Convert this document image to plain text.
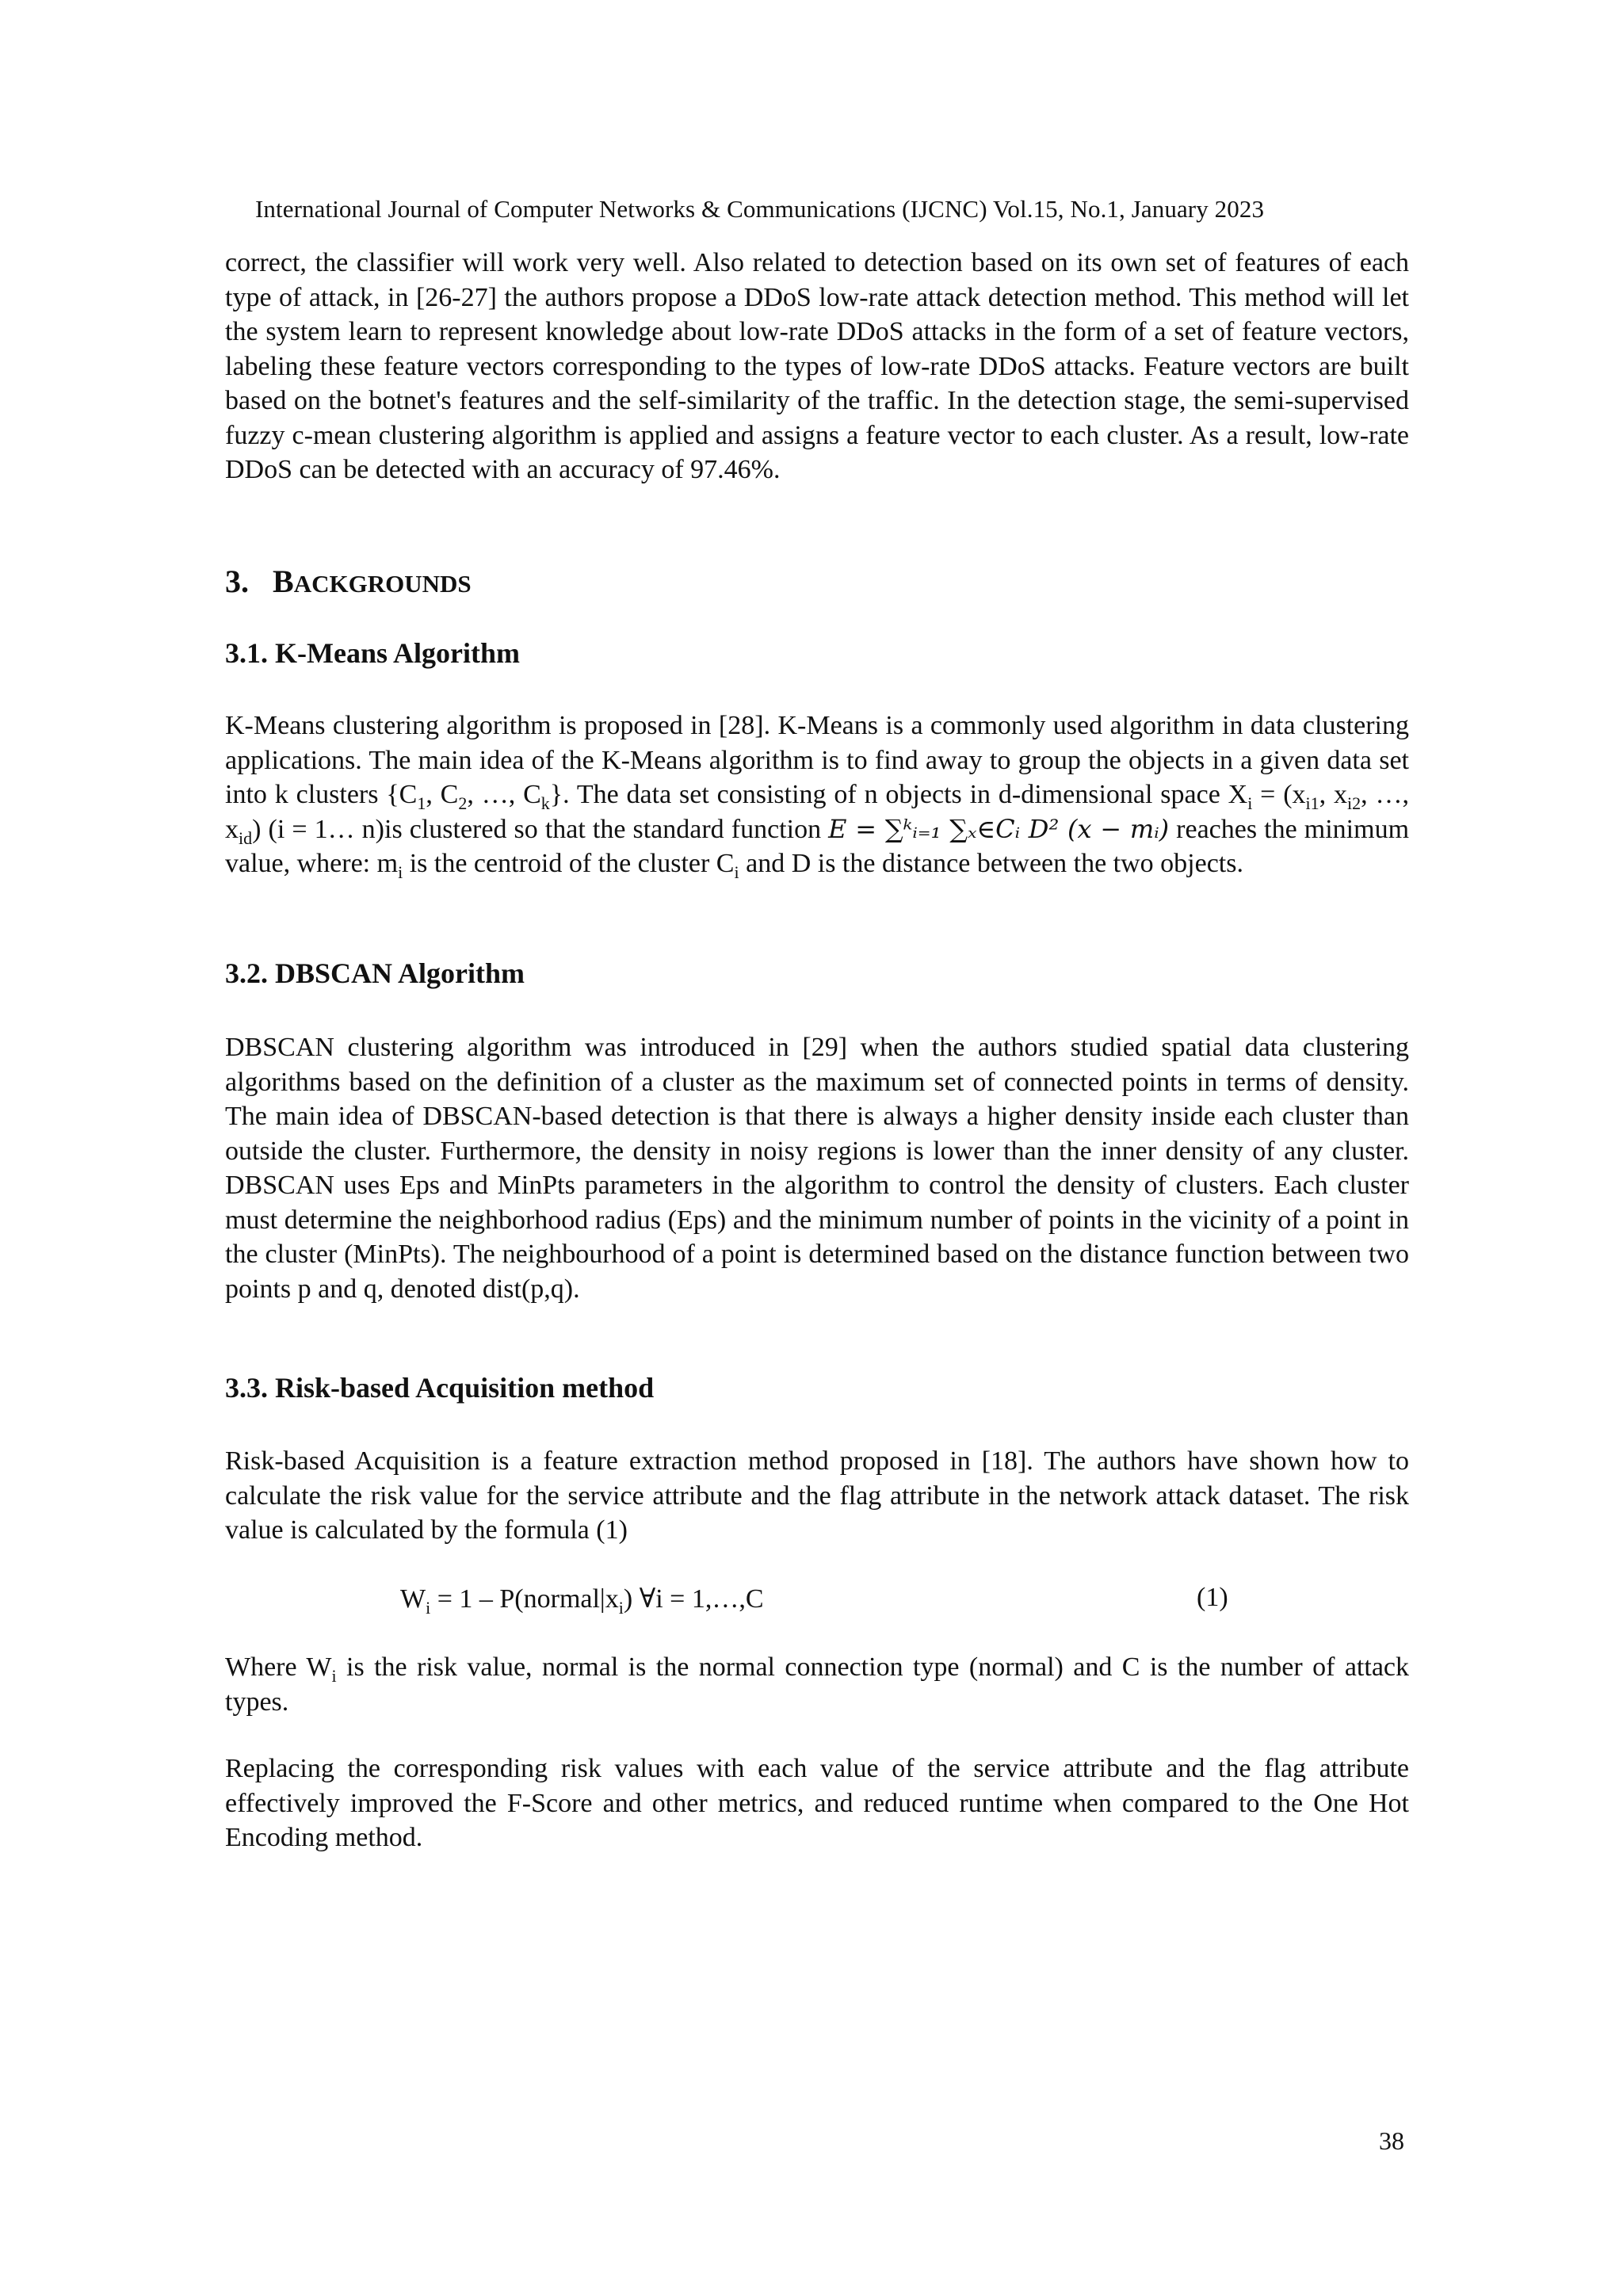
International Journal of Computer Networks & Communications (IJCNC) Vol.15, No.1, January 2023
correct, the classifier will work very well. Also related to detection based on its own set of features of each type of attack, in [26-27] the authors propose a DDoS low-rate attack detection method. This method will let the system learn to represent knowledge about low-rate DDoS attacks in the form of a set of feature vectors, labeling these feature vectors corresponding to the types of low-rate DDoS attacks. Feature vectors are built based on the botnet's features and the self-similarity of the traffic. In the detection stage, the semi-supervised fuzzy c-mean clustering algorithm is applied and assigns a feature vector to each cluster. As a result, low-rate DDoS can be detected with an accuracy of 97.46%.
3. BACKGROUNDS
3.1. K-Means Algorithm
K-Means clustering algorithm is proposed in [28]. K-Means is a commonly used algorithm in data clustering applications. The main idea of the K-Means algorithm is to find away to group the objects in a given data set into k clusters {$C_1$, $C_2$, …, $C_k$}. The data set consisting of n objects in d-dimensional space $X_i = (x_{i1}$, $x_{i2}$, …, $x_{id}$) (i = 1… n)is clustered so that the standard function E = ∑ᵏᵢ₌₁ ∑ₓ∈Cᵢ D² (x − mᵢ) reaches the minimum value, where: $m_i$ is the centroid of the cluster $C_i$ and D is the distance between the two objects.
3.2. DBSCAN Algorithm
DBSCAN clustering algorithm was introduced in [29] when the authors studied spatial data clustering algorithms based on the definition of a cluster as the maximum set of connected points in terms of density. The main idea of DBSCAN-based detection is that there is always a higher density inside each cluster than outside the cluster. Furthermore, the density in noisy regions is lower than the inner density of any cluster. DBSCAN uses Eps and MinPts parameters in the algorithm to control the density of clusters. Each cluster must determine the neighborhood radius (Eps) and the minimum number of points in the vicinity of a point in the cluster (MinPts). The neighbourhood of a point is determined based on the distance function between two points p and q, denoted dist(p,q).
3.3. Risk-based Acquisition method
Risk-based Acquisition is a feature extraction method proposed in [18]. The authors have shown how to calculate the risk value for the service attribute and the flag attribute in the network attack dataset. The risk value is calculated by the formula (1)
$W_i = 1$ – $P(normal|x_i)$ ∀i = 1,…,C	(1)
Where $W_i$ is the risk value, normal is the normal connection type (normal) and C is the number of attack types.
Replacing the corresponding risk values with each value of the service attribute and the flag attribute effectively improved the F-Score and other metrics, and reduced runtime when compared to the One Hot Encoding method.
38
